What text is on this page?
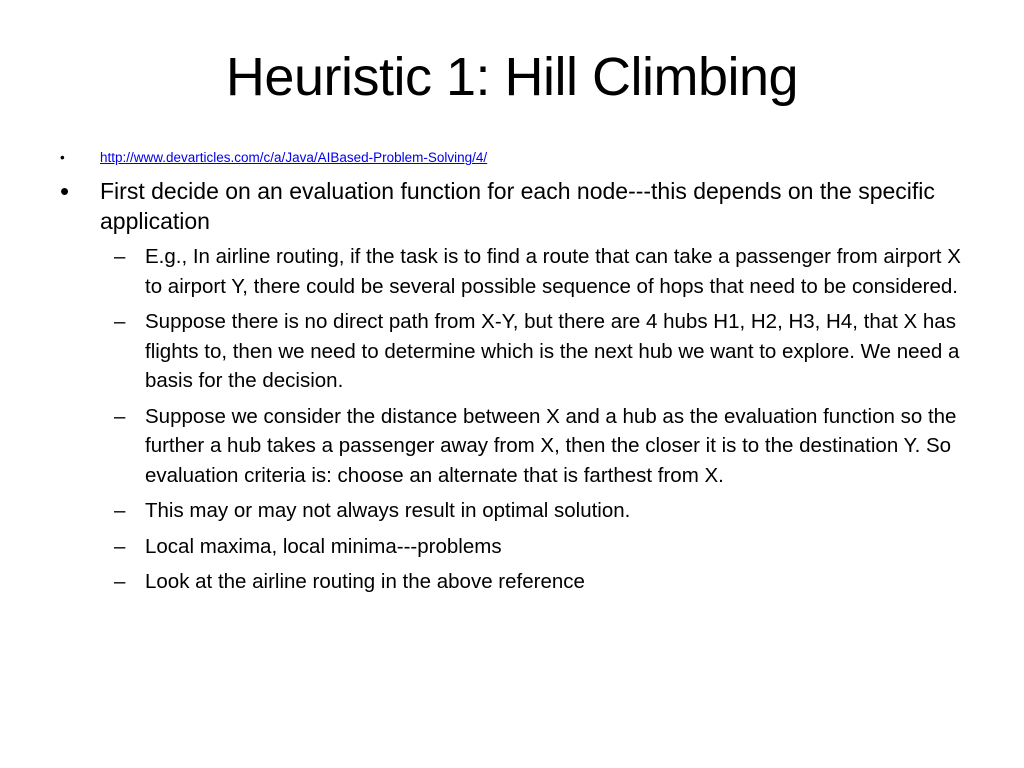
Heuristic 1: Hill Climbing
•	http://www.devarticles.com/c/a/Java/AIBased-Problem-Solving/4/
• First decide on an evaluation function for each node---this depends on the specific application
– E.g., In airline routing, if the task is to find a route that can take a passenger from airport X to airport Y, there could be several possible sequence of hops that need to be considered.
– Suppose there is no direct path from X-Y, but there are 4 hubs H1, H2, H3, H4, that X has flights to, then we need to determine which is the next hub we want to explore. We need a basis for the decision.
– Suppose we consider the distance between X and a hub as the evaluation function so the further a hub takes a passenger away from X, then the closer it is to the destination Y. So evaluation criteria is: choose an alternate that is farthest from X.
– This may or may not always result in optimal solution.
– Local maxima, local minima---problems
– Look at the airline routing in the above reference
